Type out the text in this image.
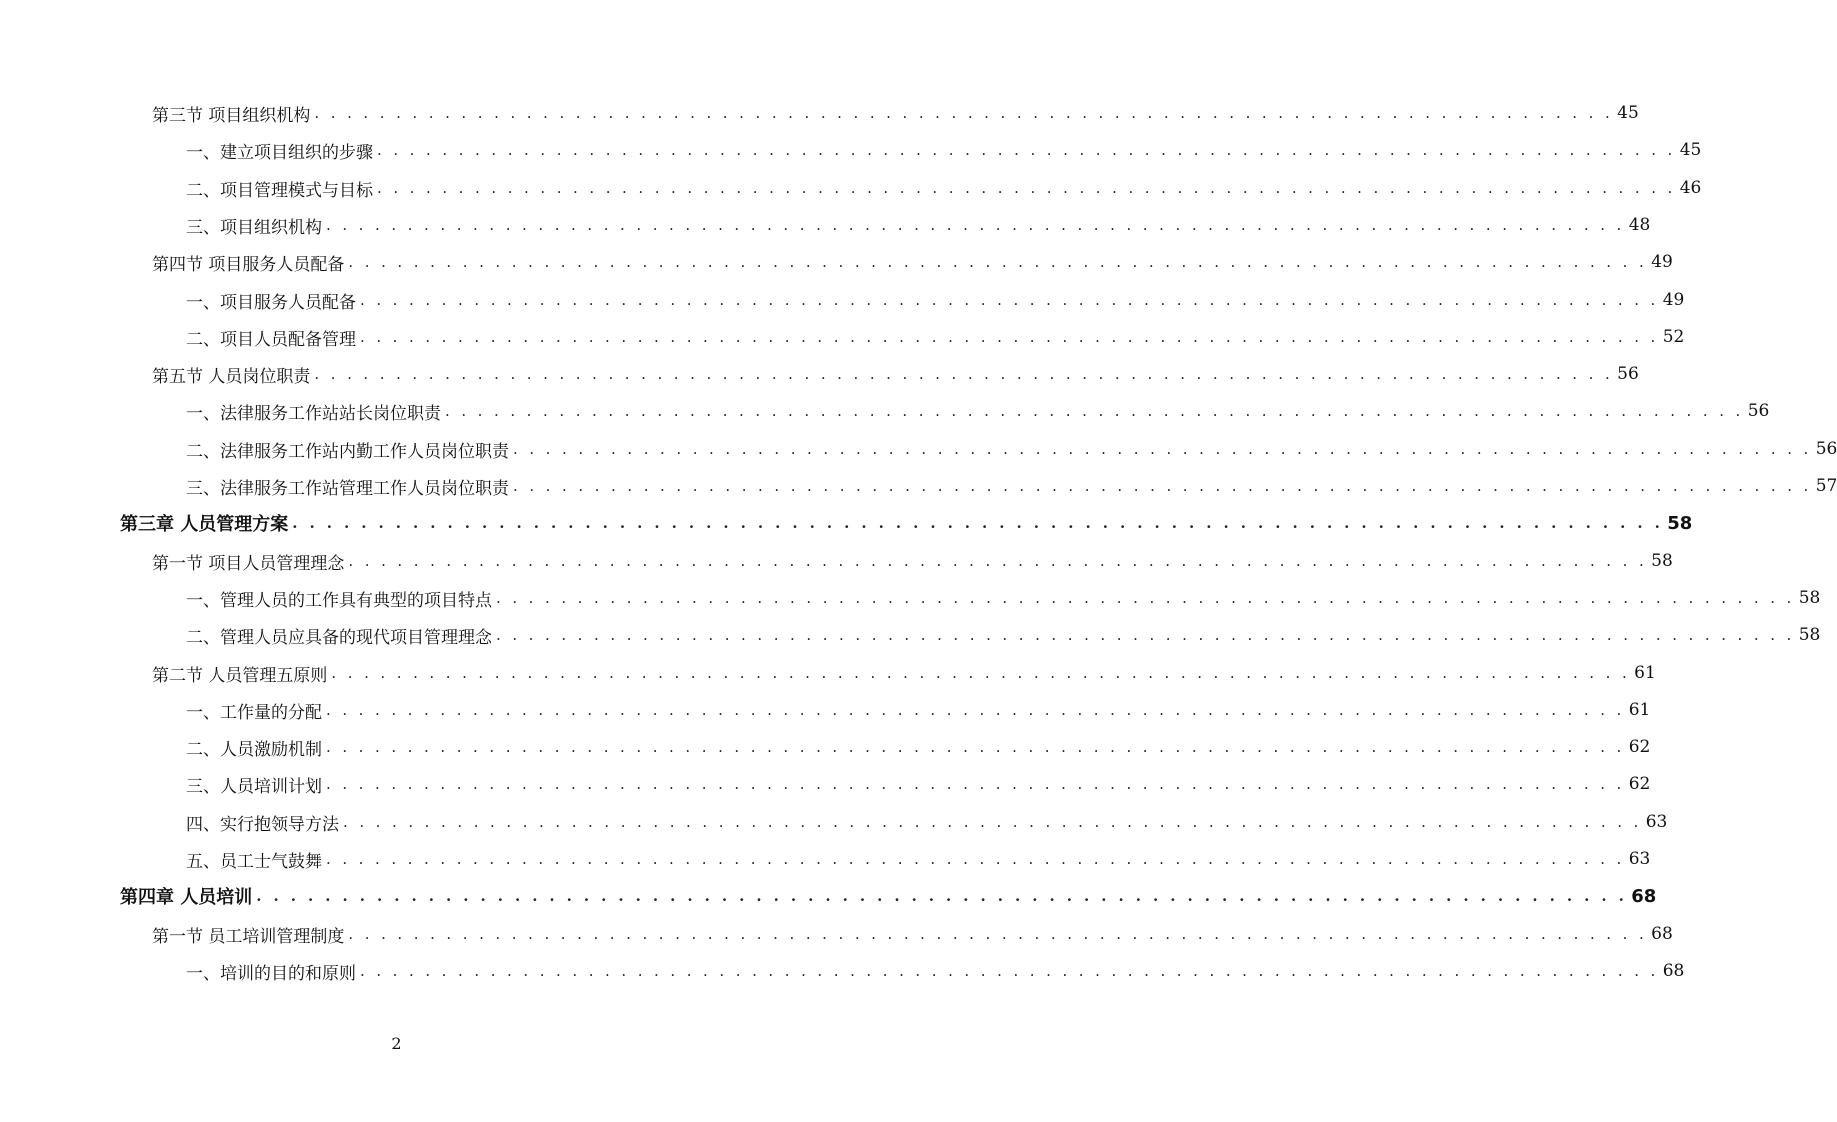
第三节 项目组织机构 . . . . . . . . . . . . . . . . . . . . . . . . . . . . . . . . . . . . . . . . . . . . . . . . . . . . . . . . . . . . . . . . . . . . . . . . . . . . . . . . 45
一、建立项目组织的步骤 . . . . . . . . . . . . . . . . . . . . . . . . . . . . . . . . . . . . . . . . . . . . . . . . . . . . . . . . . . . . . . . . . . . . . . . . . . . . . . . . 45
二、项目管理模式与目标 . . . . . . . . . . . . . . . . . . . . . . . . . . . . . . . . . . . . . . . . . . . . . . . . . . . . . . . . . . . . . . . . . . . . . . . . . . . . . . . . 46
三、项目组织机构 . . . . . . . . . . . . . . . . . . . . . . . . . . . . . . . . . . . . . . . . . . . . . . . . . . . . . . . . . . . . . . . . . . . . . . . . . . . . . . . . 48
第四节 项目服务人员配备 . . . . . . . . . . . . . . . . . . . . . . . . . . . . . . . . . . . . . . . . . . . . . . . . . . . . . . . . . . . . . . . . . . . . . . . . . . . . . . . . 49
一、项目服务人员配备 . . . . . . . . . . . . . . . . . . . . . . . . . . . . . . . . . . . . . . . . . . . . . . . . . . . . . . . . . . . . . . . . . . . . . . . . . . . . . . . . 49
二、项目人员配备管理 . . . . . . . . . . . . . . . . . . . . . . . . . . . . . . . . . . . . . . . . . . . . . . . . . . . . . . . . . . . . . . . . . . . . . . . . . . . . . . . . 52
第五节 人员岗位职责 . . . . . . . . . . . . . . . . . . . . . . . . . . . . . . . . . . . . . . . . . . . . . . . . . . . . . . . . . . . . . . . . . . . . . . . . . . . . . . . . 56
一、法律服务工作站站长岗位职责 . . . . . . . . . . . . . . . . . . . . . . . . . . . . . . . . . . . . . . . . . . . . . . . . . . . . . . . . . . . . . . . . . . . . . . . . . . . . . . . . 56
二、法律服务工作站内勤工作人员岗位职责 . . . . . . . . . . . . . . . . . . . . . . . . . . . . . . . . . . . . . . . . . . . . . . . . . . . . . . . . . . . . . . . . . . . . . . . . . . . . . . . . 56
三、法律服务工作站管理工作人员岗位职责 . . . . . . . . . . . . . . . . . . . . . . . . . . . . . . . . . . . . . . . . . . . . . . . . . . . . . . . . . . . . . . . . . . . . . . . . . . . . . . . . 57
第三章 人员管理方案 . . . . . . . . . . . . . . . . . . . . . . . . . . . . . . . . . . . . . . . . . . . . . . . . . . . . . . . . . . . . . . . . . . . . . . . . . . . . . . . . 58
第一节 项目人员管理理念 . . . . . . . . . . . . . . . . . . . . . . . . . . . . . . . . . . . . . . . . . . . . . . . . . . . . . . . . . . . . . . . . . . . . . . . . . . . . . . . . 58
一、管理人员的工作具有典型的项目特点 . . . . . . . . . . . . . . . . . . . . . . . . . . . . . . . . . . . . . . . . . . . . . . . . . . . . . . . . . . . . . . . . . . . . . . . . . . . . . . . . 58
二、管理人员应具备的现代项目管理理念 . . . . . . . . . . . . . . . . . . . . . . . . . . . . . . . . . . . . . . . . . . . . . . . . . . . . . . . . . . . . . . . . . . . . . . . . . . . . . . . . 58
第二节 人员管理五原则 . . . . . . . . . . . . . . . . . . . . . . . . . . . . . . . . . . . . . . . . . . . . . . . . . . . . . . . . . . . . . . . . . . . . . . . . . . . . . . . . 61
一、工作量的分配 . . . . . . . . . . . . . . . . . . . . . . . . . . . . . . . . . . . . . . . . . . . . . . . . . . . . . . . . . . . . . . . . . . . . . . . . . . . . . . . . 61
二、人员激励机制 . . . . . . . . . . . . . . . . . . . . . . . . . . . . . . . . . . . . . . . . . . . . . . . . . . . . . . . . . . . . . . . . . . . . . . . . . . . . . . . . 62
三、人员培训计划 . . . . . . . . . . . . . . . . . . . . . . . . . . . . . . . . . . . . . . . . . . . . . . . . . . . . . . . . . . . . . . . . . . . . . . . . . . . . . . . . 62
四、实行抱领导方法 . . . . . . . . . . . . . . . . . . . . . . . . . . . . . . . . . . . . . . . . . . . . . . . . . . . . . . . . . . . . . . . . . . . . . . . . . . . . . . . . 63
五、员工士气鼓舞 . . . . . . . . . . . . . . . . . . . . . . . . . . . . . . . . . . . . . . . . . . . . . . . . . . . . . . . . . . . . . . . . . . . . . . . . . . . . . . . . 63
第四章 人员培训 . . . . . . . . . . . . . . . . . . . . . . . . . . . . . . . . . . . . . . . . . . . . . . . . . . . . . . . . . . . . . . . . . . . . . . . . . . . . . . . . 68
第一节 员工培训管理制度 . . . . . . . . . . . . . . . . . . . . . . . . . . . . . . . . . . . . . . . . . . . . . . . . . . . . . . . . . . . . . . . . . . . . . . . . . . . . . . . . 68
一、培训的目的和原则 . . . . . . . . . . . . . . . . . . . . . . . . . . . . . . . . . . . . . . . . . . . . . . . . . . . . . . . . . . . . . . . . . . . . . . . . . . . . . . . . 68
2
